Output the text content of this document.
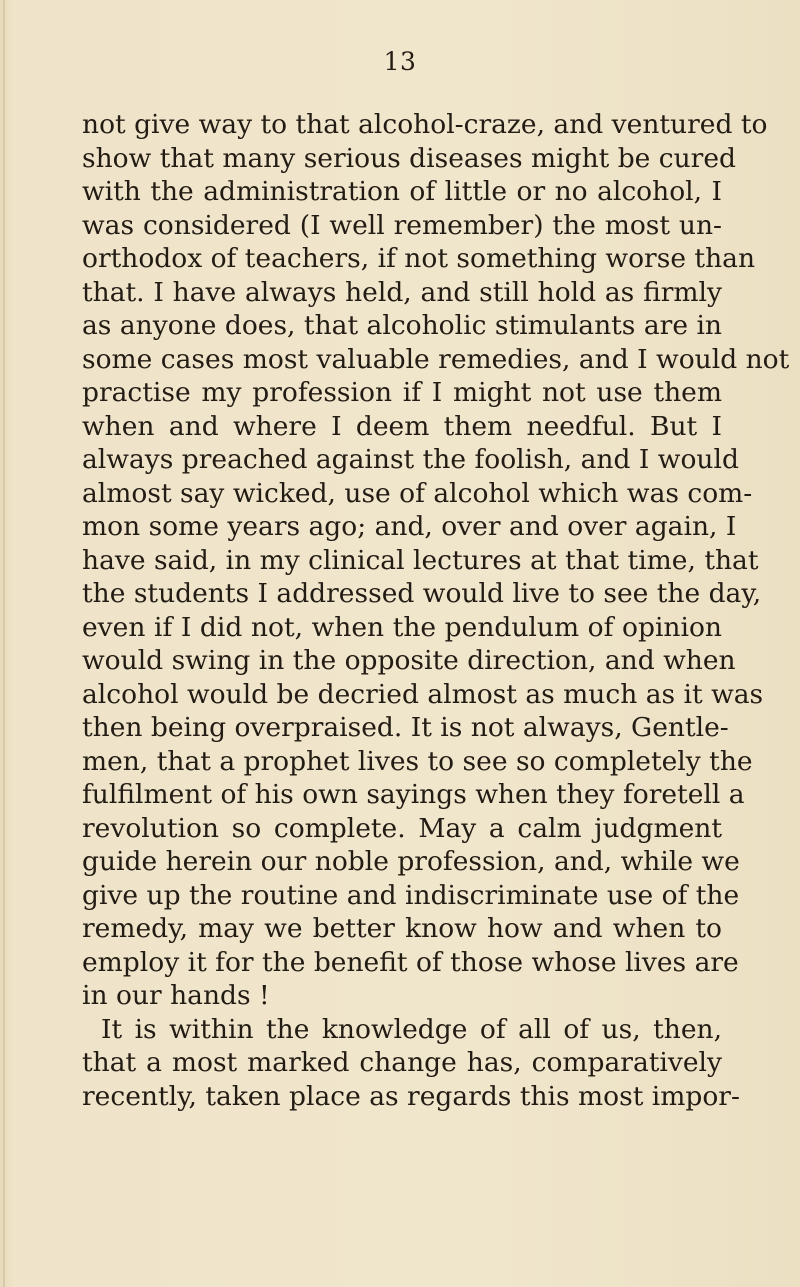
13
not give way to that alcohol-craze, and ventured to
show that many serious diseases might be cured
with the administration of little or no alcohol, I
was considered (I well remember) the most un-
orthodox of teachers, if not something worse than
that. I have always held, and still hold as firmly
as anyone does, that alcoholic stimulants are in
some cases most valuable remedies, and I would not
practise my profession if I might not use them
when and where I deem them needful. But I
always preached against the foolish, and I would
almost say wicked, use of alcohol which was com-
mon some years ago; and, over and over again, I
have said, in my clinical lectures at that time, that
the students I addressed would live to see the day,
even if I did not, when the pendulum of opinion
would swing in the opposite direction, and when
alcohol would be decried almost as much as it was
then being overpraised. It is not always, Gentle-
men, that a prophet lives to see so completely the
fulfilment of his own sayings when they foretell a
revolution so complete. May a calm judgment
guide herein our noble profession, and, while we
give up the routine and indiscriminate use of the
remedy, may we better know how and when to
employ it for the benefit of those whose lives are
in our hands !
It is within the knowledge of all of us, then,
that a most marked change has, comparatively
recently, taken place as regards this most impor-
